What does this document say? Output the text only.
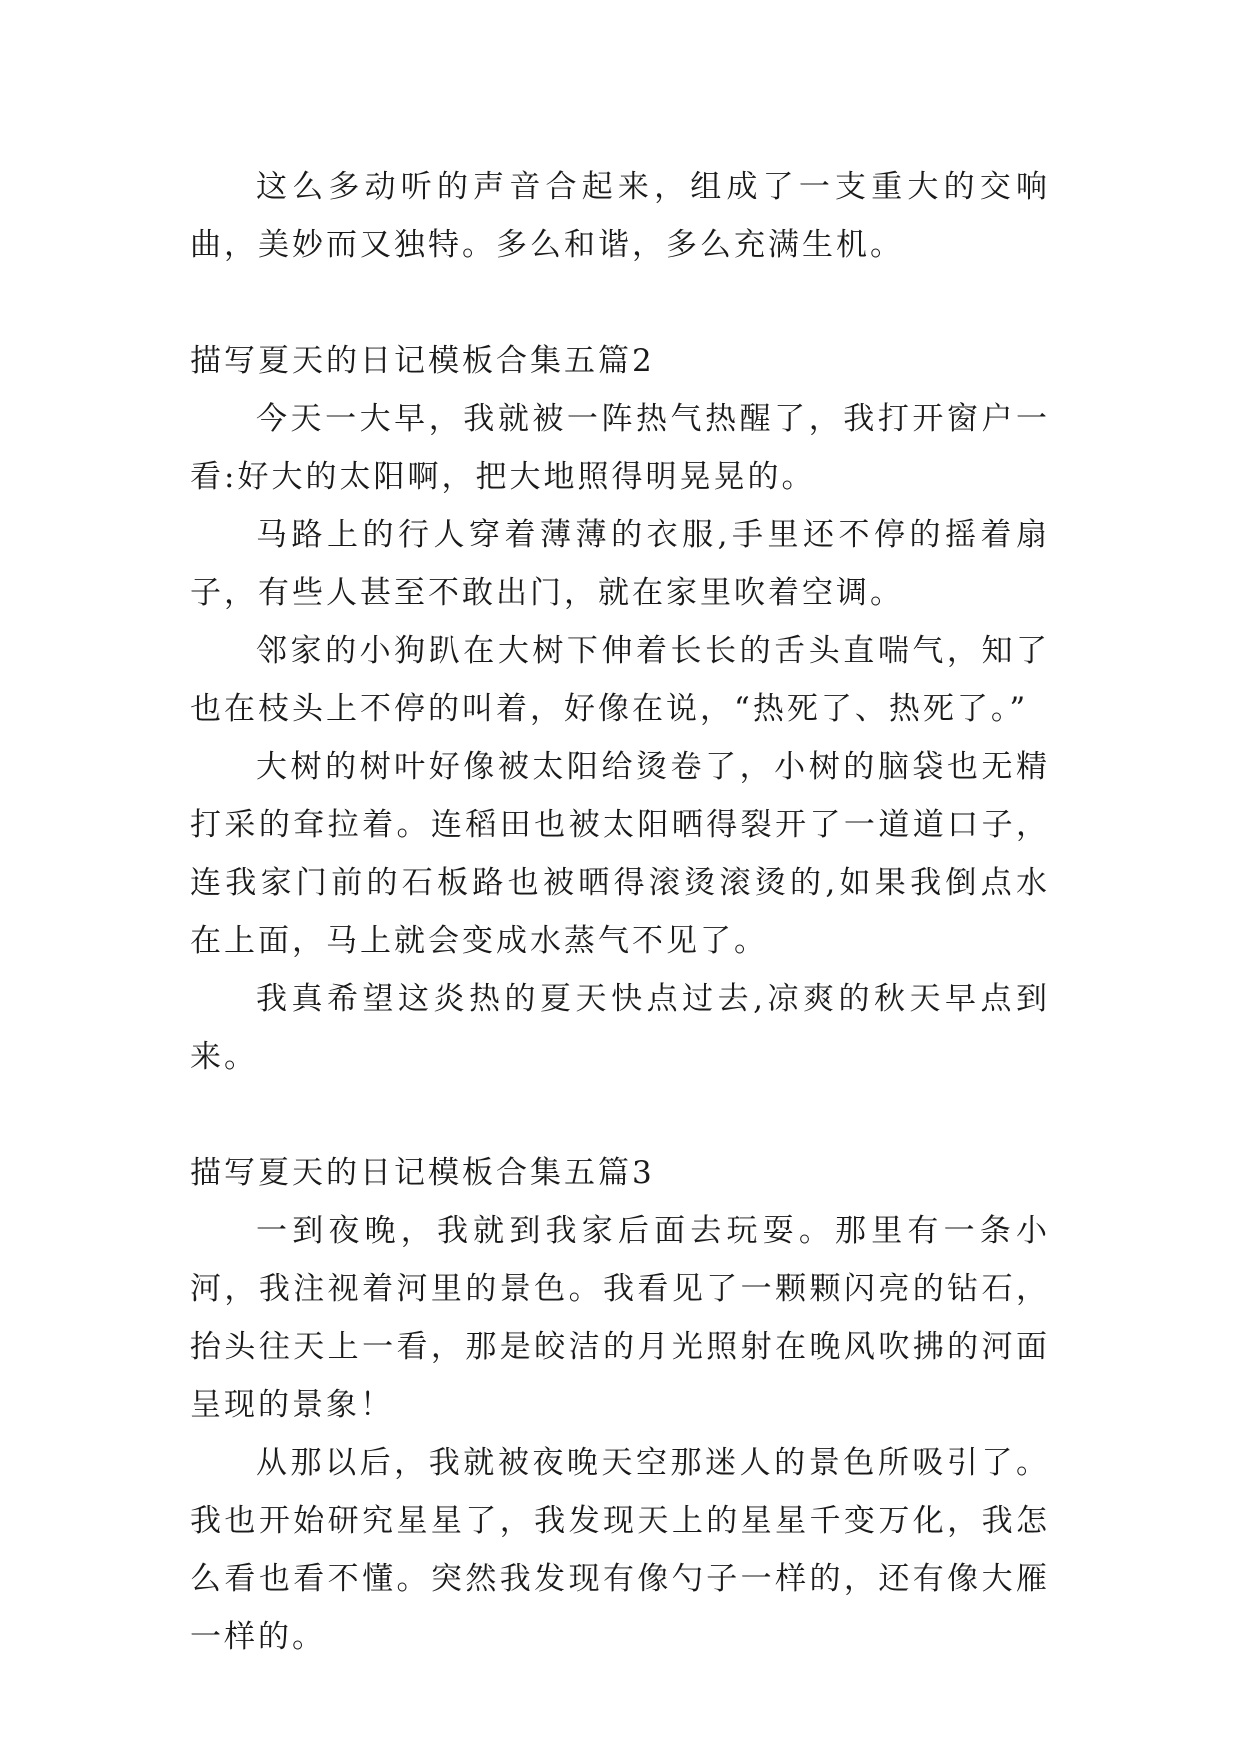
这么多动听的声音合起来，组成了一支重大的交响曲，美妙而又独特。多么和谐，多么充满生机。

描写夏天的日记模板合集五篇2

今天一大早，我就被一阵热气热醒了，我打开窗户一看:好大的太阳啊，把大地照得明晃晃的。

马路上的行人穿着薄薄的衣服,手里还不停的摇着扇子，有些人甚至不敢出门，就在家里吹着空调。

邻家的小狗趴在大树下伸着长长的舌头直喘气，知了也在枝头上不停的叫着，好像在说，“热死了、热死了。”

大树的树叶好像被太阳给烫卷了，小树的脑袋也无精打采的耷拉着。连稻田也被太阳晒得裂开了一道道口子，连我家门前的石板路也被晒得滚烫滚烫的,如果我倒点水在上面，马上就会变成水蒸气不见了。

我真希望这炎热的夏天快点过去,凉爽的秋天早点到来。

描写夏天的日记模板合集五篇3

一到夜晚，我就到我家后面去玩耍。那里有一条小河，我注视着河里的景色。我看见了一颗颗闪亮的钻石，抬头往天上一看，那是皎洁的月光照射在晚风吹拂的河面呈现的景象！

从那以后，我就被夜晚天空那迷人的景色所吸引了。我也开始研究星星了，我发现天上的星星千变万化，我怎么看也看不懂。突然我发现有像勺子一样的，还有像大雁一样的。
